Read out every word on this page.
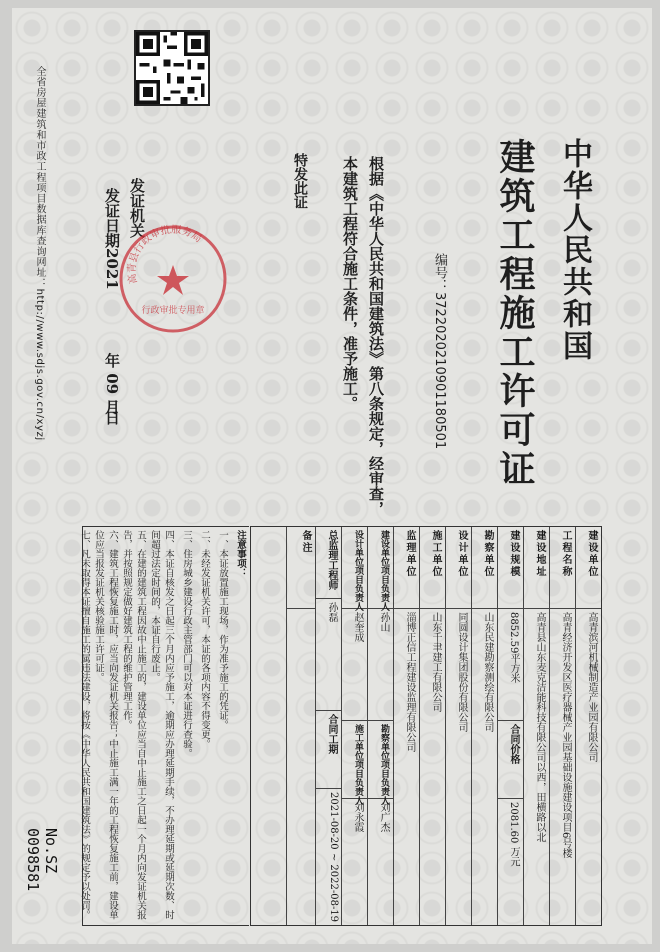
全省房屋建筑和市政工程项目数据库查询网址：http://www.sdjs.gov.cn/xyzj	中华人民共和国
建筑工程施工许可证
编号：3722020210901180501
根据《中华人民共和国建筑法》第八条规定，经审查，
本建筑工程符合施工条件，准予施工。
特发此证
发证机关
发证日期2021
年 09 月
日
高青县行政审批服务局
行政审批专用章
建设单位
高青滨河机械制造产业园有限公司
工程名称
高青经济开发区医疗器械产业园基础设施建设项目6号楼
建设地址
高青县山东麦克洁能科技有限公司以西，田横路以北
建设规模
8852.59平方米
合同价格
2081.60 万元
勘察单位
山东民建勘察测绘有限公司
设计单位
同圆设计集团股份有限公司
施工单位
山东千聿建工有限公司
监理单位
淄博正信工程建设监理有限公司
建设单位项目负责人
孙山
勘察单位项目负责人
刘广杰
设计单位项目负责人
赵奎成
施工单位项目负责人
刘永霞
总监理工程师
孙磊
合同工期
2021-08-20 ~ 2022-08-19
备注
注意事项：
一、本证放置施工现场，作为准予施工的凭证。
二、未经发证机关许可，本证的各项内容不得变更。
三、住房城乡建设行政主管部门可以对本证进行查验。
四、本证自核发之日起三个月内应予施工，逾期应办理延期手续，不办理延期或延期次数、时间超过法定时间的，本证自行废止。
五、在建的建筑工程因故中止施工的，建设单位应当自中止施工之日起一个月内向发证机关报告，并按照规定做好建筑工程的维护管理工作。
六、建筑工程恢复施工时，应当向发证机关报告；中止施工满一年的工程恢复施工前，建设单位应当报发证机关核验施工许可证。
七、凡未取得本证擅自施工的属违法建设，将按《中华人民共和国建筑法》的规定予以处罚。
No.SZ 0098581
